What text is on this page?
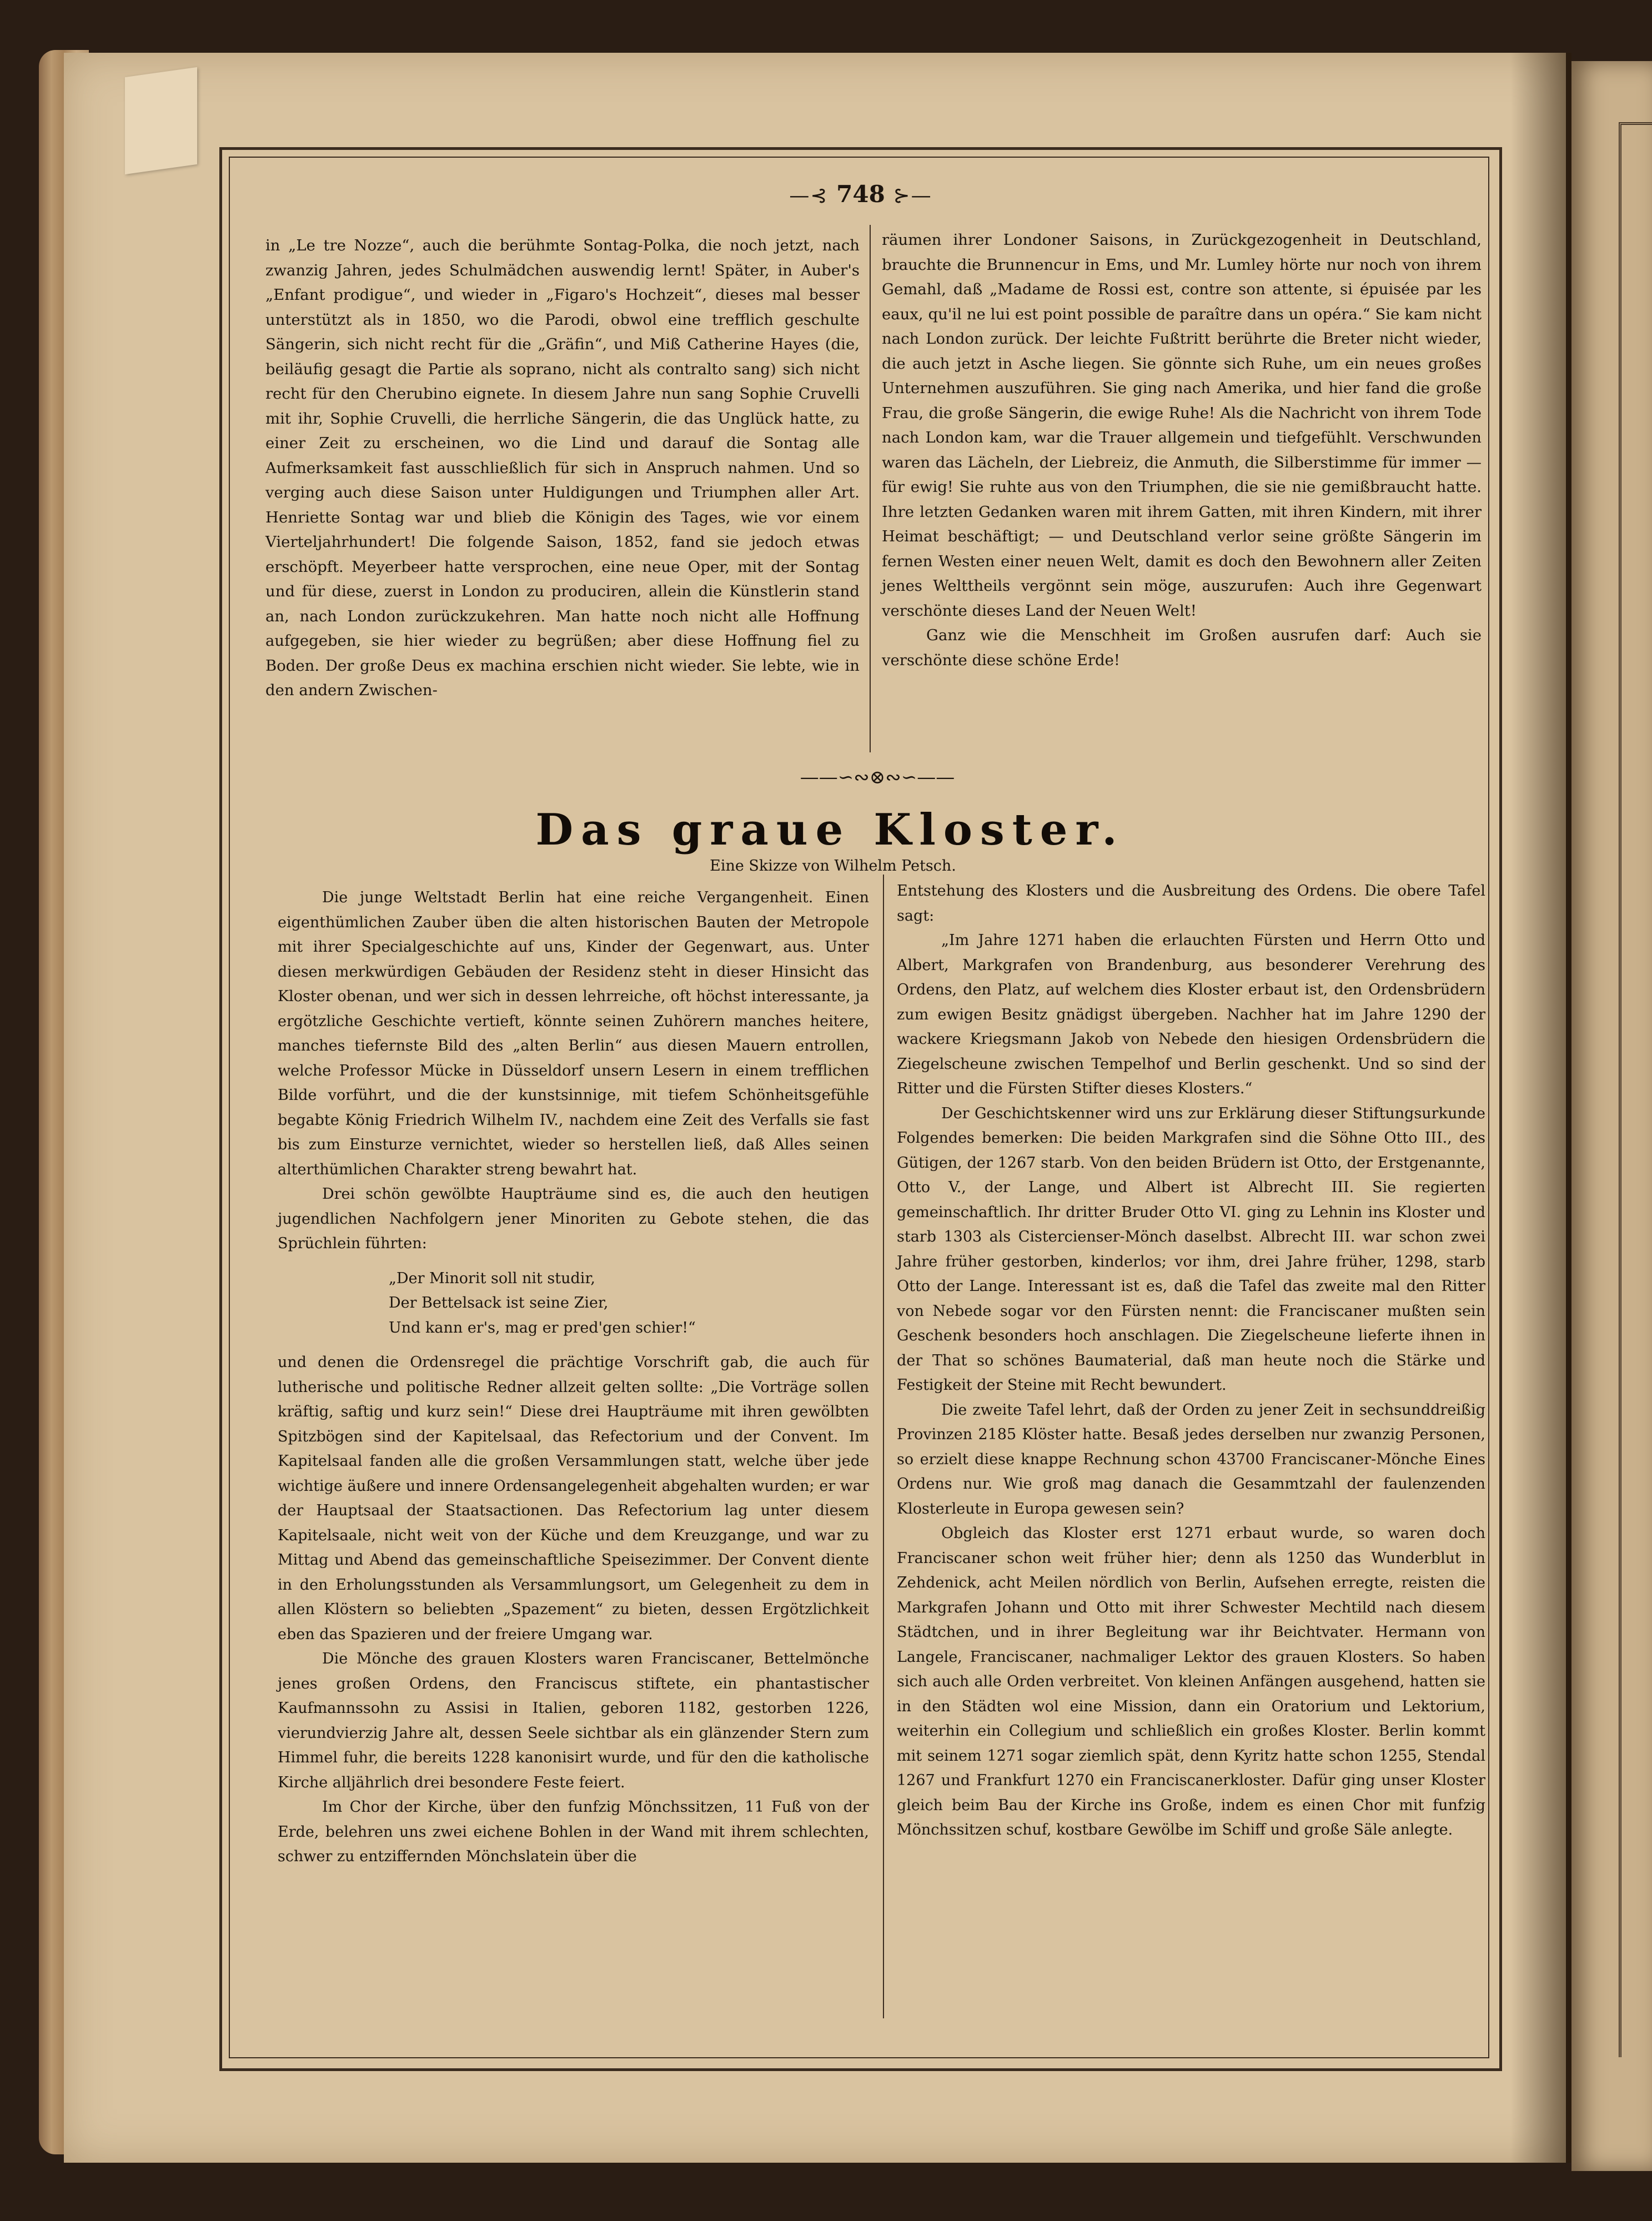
—⊰ 748 ⊱—

in „Le tre Nozze“, auch die berühmte Sontag-Polka, die noch jetzt, nach zwanzig Jahren, jedes Schulmädchen auswendig lernt! Später, in Auber's „Enfant prodigue“, und wieder in „Figaro's Hochzeit“, dieses mal besser unterstützt als in 1850, wo die Parodi, obwol eine trefflich geschulte Sängerin, sich nicht recht für die „Gräfin“, und Miß Catherine Hayes (die, beiläufig gesagt die Partie als soprano, nicht als contralto sang) sich nicht recht für den Cherubino eignete. In diesem Jahre nun sang Sophie Cruvelli mit ihr, Sophie Cruvelli, die herrliche Sängerin, die das Unglück hatte, zu einer Zeit zu erscheinen, wo die Lind und darauf die Sontag alle Aufmerksamkeit fast ausschließlich für sich in Anspruch nahmen. Und so verging auch diese Saison unter Huldigungen und Triumphen aller Art. Henriette Sontag war und blieb die Königin des Tages, wie vor einem Vierteljahrhundert! Die folgende Saison, 1852, fand sie jedoch etwas erschöpft. Meyerbeer hatte versprochen, eine neue Oper, mit der Sontag und für diese, zuerst in London zu produciren, allein die Künstlerin stand an, nach London zurückzukehren. Man hatte noch nicht alle Hoffnung aufgegeben, sie hier wieder zu begrüßen; aber diese Hoffnung fiel zu Boden. Der große Deus ex machina erschien nicht wieder. Sie lebte, wie in den andern Zwischen-

räumen ihrer Londoner Saisons, in Zurückgezogenheit in Deutschland, brauchte die Brunnencur in Ems, und Mr. Lumley hörte nur noch von ihrem Gemahl, daß „Madame de Rossi est, contre son attente, si épuisée par les eaux, qu'il ne lui est point possible de paraître dans un opéra.“ Sie kam nicht nach London zurück. Der leichte Fußtritt berührte die Breter nicht wieder, die auch jetzt in Asche liegen. Sie gönnte sich Ruhe, um ein neues großes Unternehmen auszuführen. Sie ging nach Amerika, und hier fand die große Frau, die große Sängerin, die ewige Ruhe! Als die Nachricht von ihrem Tode nach London kam, war die Trauer allgemein und tiefgefühlt. Verschwunden waren das Lächeln, der Liebreiz, die Anmuth, die Silberstimme für immer — für ewig! Sie ruhte aus von den Triumphen, die sie nie gemißbraucht hatte. Ihre letzten Gedanken waren mit ihrem Gatten, mit ihren Kindern, mit ihrer Heimat beschäftigt; — und Deutschland verlor seine größte Sängerin im fernen Westen einer neuen Welt, damit es doch den Bewohnern aller Zeiten jenes Welttheils vergönnt sein möge, auszurufen: Auch ihre Gegenwart verschönte dieses Land der Neuen Welt!

Ganz wie die Menschheit im Großen ausrufen darf: Auch sie verschönte diese schöne Erde!

——∽∾⊗∾∽——
Das graue Kloster.
Eine Skizze von Wilhelm Petsch.

Die junge Weltstadt Berlin hat eine reiche Vergangenheit. Einen eigenthümlichen Zauber üben die alten historischen Bauten der Metropole mit ihrer Specialgeschichte auf uns, Kinder der Gegenwart, aus. Unter diesen merkwürdigen Gebäuden der Residenz steht in dieser Hinsicht das Kloster obenan, und wer sich in dessen lehrreiche, oft höchst interessante, ja ergötzliche Geschichte vertieft, könnte seinen Zuhörern manches heitere, manches tiefernste Bild des „alten Berlin“ aus diesen Mauern entrollen, welche Professor Mücke in Düsseldorf unsern Lesern in einem trefflichen Bilde vorführt, und die der kunstsinnige, mit tiefem Schönheitsgefühle begabte König Friedrich Wilhelm IV., nachdem eine Zeit des Verfalls sie fast bis zum Einsturze vernichtet, wieder so herstellen ließ, daß Alles seinen alterthümlichen Charakter streng bewahrt hat.

Drei schön gewölbte Haupträume sind es, die auch den heutigen jugendlichen Nachfolgern jener Minoriten zu Gebote stehen, die das Sprüchlein führten:

„Der Minorit soll nit studir,
Der Bettelsack ist seine Zier,
Und kann er's, mag er pred'gen schier!“

und denen die Ordensregel die prächtige Vorschrift gab, die auch für lutherische und politische Redner allzeit gelten sollte: „Die Vorträge sollen kräftig, saftig und kurz sein!“ Diese drei Haupträume mit ihren gewölbten Spitzbögen sind der Kapitelsaal, das Refectorium und der Convent. Im Kapitelsaal fanden alle die großen Versammlungen statt, welche über jede wichtige äußere und innere Ordensangelegenheit abgehalten wurden; er war der Hauptsaal der Staatsactionen. Das Refectorium lag unter diesem Kapitelsaale, nicht weit von der Küche und dem Kreuzgange, und war zu Mittag und Abend das gemeinschaftliche Speisezimmer. Der Convent diente in den Erholungsstunden als Versammlungsort, um Gelegenheit zu dem in allen Klöstern so beliebten „Spazement“ zu bieten, dessen Ergötzlichkeit eben das Spazieren und der freiere Umgang war.

Die Mönche des grauen Klosters waren Franciscaner, Bettelmönche jenes großen Ordens, den Franciscus stiftete, ein phantastischer Kaufmannssohn zu Assisi in Italien, geboren 1182, gestorben 1226, vierundvierzig Jahre alt, dessen Seele sichtbar als ein glänzender Stern zum Himmel fuhr, die bereits 1228 kanonisirt wurde, und für den die katholische Kirche alljährlich drei besondere Feste feiert.

Im Chor der Kirche, über den funfzig Mönchssitzen, 11 Fuß von der Erde, belehren uns zwei eichene Bohlen in der Wand mit ihrem schlechten, schwer zu entziffernden Mönchslatein über die

Entstehung des Klosters und die Ausbreitung des Ordens. Die obere Tafel sagt:

„Im Jahre 1271 haben die erlauchten Fürsten und Herrn Otto und Albert, Markgrafen von Brandenburg, aus besonderer Verehrung des Ordens, den Platz, auf welchem dies Kloster erbaut ist, den Ordensbrüdern zum ewigen Besitz gnädigst übergeben. Nachher hat im Jahre 1290 der wackere Kriegsmann Jakob von Nebede den hiesigen Ordensbrüdern die Ziegelscheune zwischen Tempelhof und Berlin geschenkt. Und so sind der Ritter und die Fürsten Stifter dieses Klosters.“

Der Geschichtskenner wird uns zur Erklärung dieser Stiftungsurkunde Folgendes bemerken: Die beiden Markgrafen sind die Söhne Otto III., des Gütigen, der 1267 starb. Von den beiden Brüdern ist Otto, der Erstgenannte, Otto V., der Lange, und Albert ist Albrecht III. Sie regierten gemeinschaftlich. Ihr dritter Bruder Otto VI. ging zu Lehnin ins Kloster und starb 1303 als Cistercienser-Mönch daselbst. Albrecht III. war schon zwei Jahre früher gestorben, kinderlos; vor ihm, drei Jahre früher, 1298, starb Otto der Lange. Interessant ist es, daß die Tafel das zweite mal den Ritter von Nebede sogar vor den Fürsten nennt: die Franciscaner mußten sein Geschenk besonders hoch anschlagen. Die Ziegelscheune lieferte ihnen in der That so schönes Baumaterial, daß man heute noch die Stärke und Festigkeit der Steine mit Recht bewundert.

Die zweite Tafel lehrt, daß der Orden zu jener Zeit in sechsunddreißig Provinzen 2185 Klöster hatte. Besaß jedes derselben nur zwanzig Personen, so erzielt diese knappe Rechnung schon 43700 Franciscaner-Mönche Eines Ordens nur. Wie groß mag danach die Gesammtzahl der faulenzenden Klosterleute in Europa gewesen sein?

Obgleich das Kloster erst 1271 erbaut wurde, so waren doch Franciscaner schon weit früher hier; denn als 1250 das Wunderblut in Zehdenick, acht Meilen nördlich von Berlin, Aufsehen erregte, reisten die Markgrafen Johann und Otto mit ihrer Schwester Mechtild nach diesem Städtchen, und in ihrer Begleitung war ihr Beichtvater. Hermann von Langele, Franciscaner, nachmaliger Lektor des grauen Klosters. So haben sich auch alle Orden verbreitet. Von kleinen Anfängen ausgehend, hatten sie in den Städten wol eine Mission, dann ein Oratorium und Lektorium, weiterhin ein Collegium und schließlich ein großes Kloster. Berlin kommt mit seinem 1271 sogar ziemlich spät, denn Kyritz hatte schon 1255, Stendal 1267 und Frankfurt 1270 ein Franciscanerkloster. Dafür ging unser Kloster gleich beim Bau der Kirche ins Große, indem es einen Chor mit funfzig Mönchssitzen schuf, kostbare Gewölbe im Schiff und große Säle anlegte.
